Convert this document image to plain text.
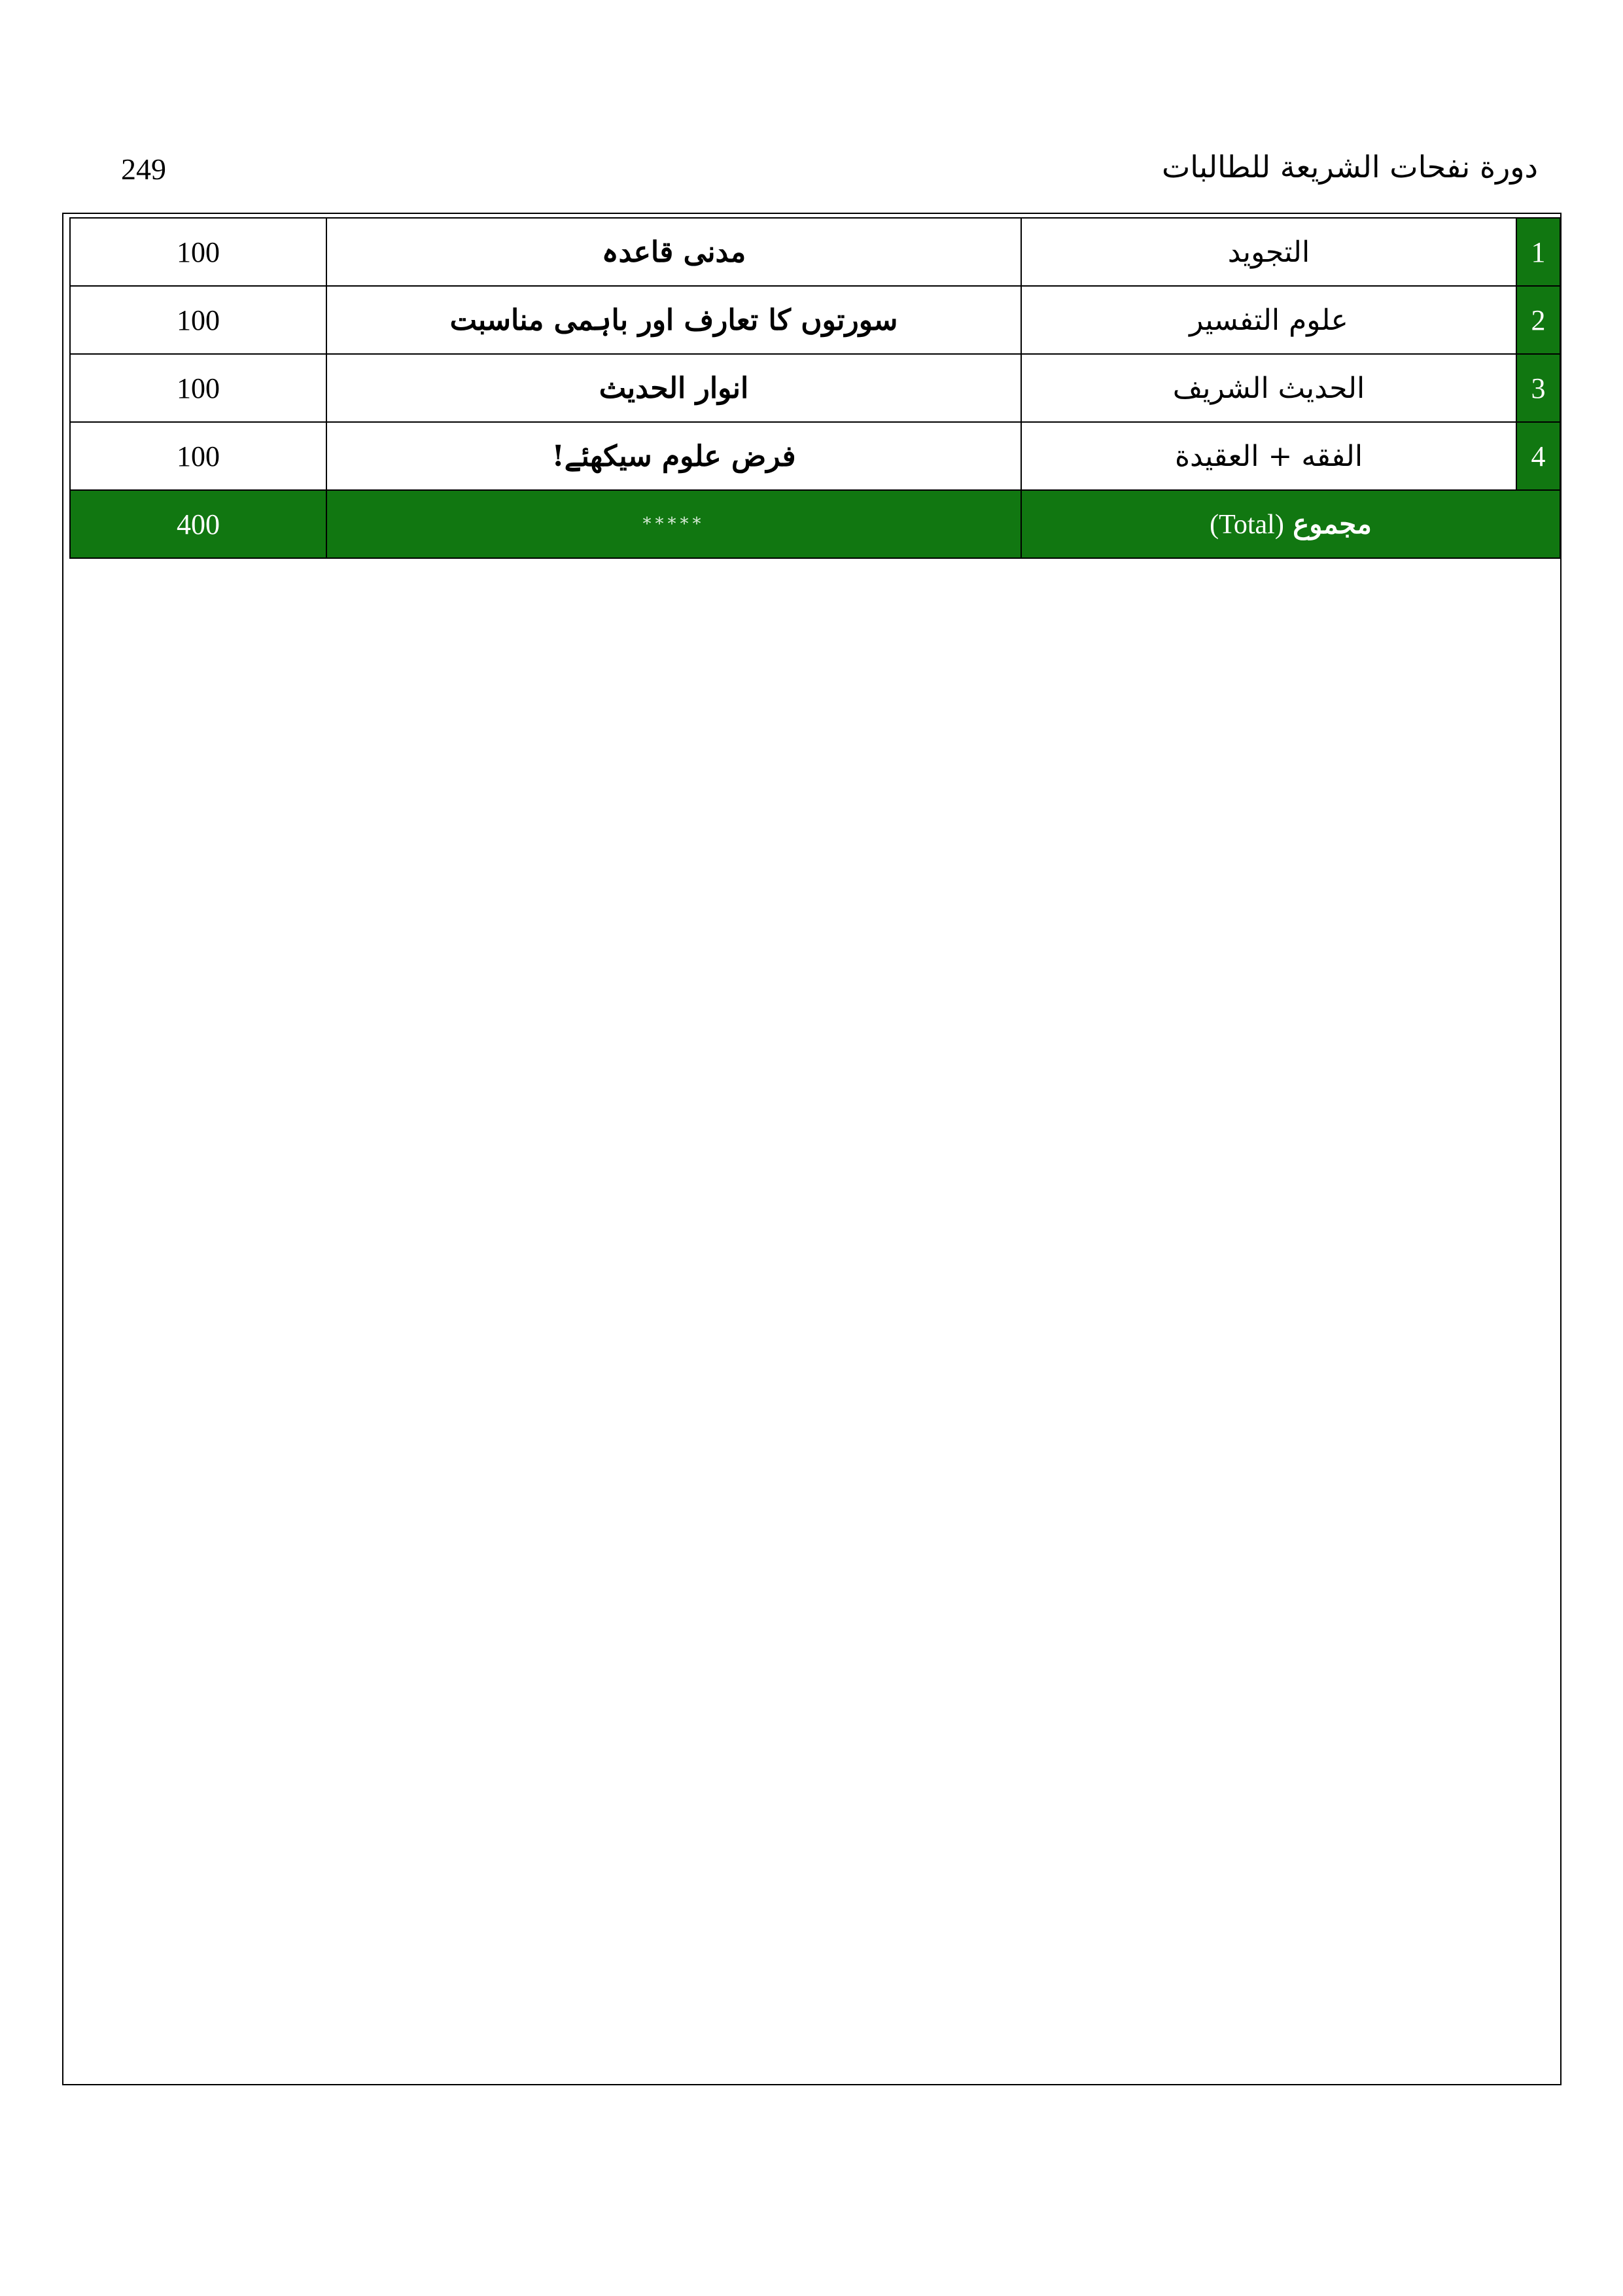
249	دورة نفحات الشريعة للطالبات
100	مدنی قاعدہ	التجويد	1
100	سورتوں کا تعارف اور باہمی مناسبت	علوم التفسير	2
100	انوار الحدیث	الحديث الشريف	3
100	فرض علوم سیکھئے!	الفقه + العقيدة	4
400	*****	مجموع (Total)	
